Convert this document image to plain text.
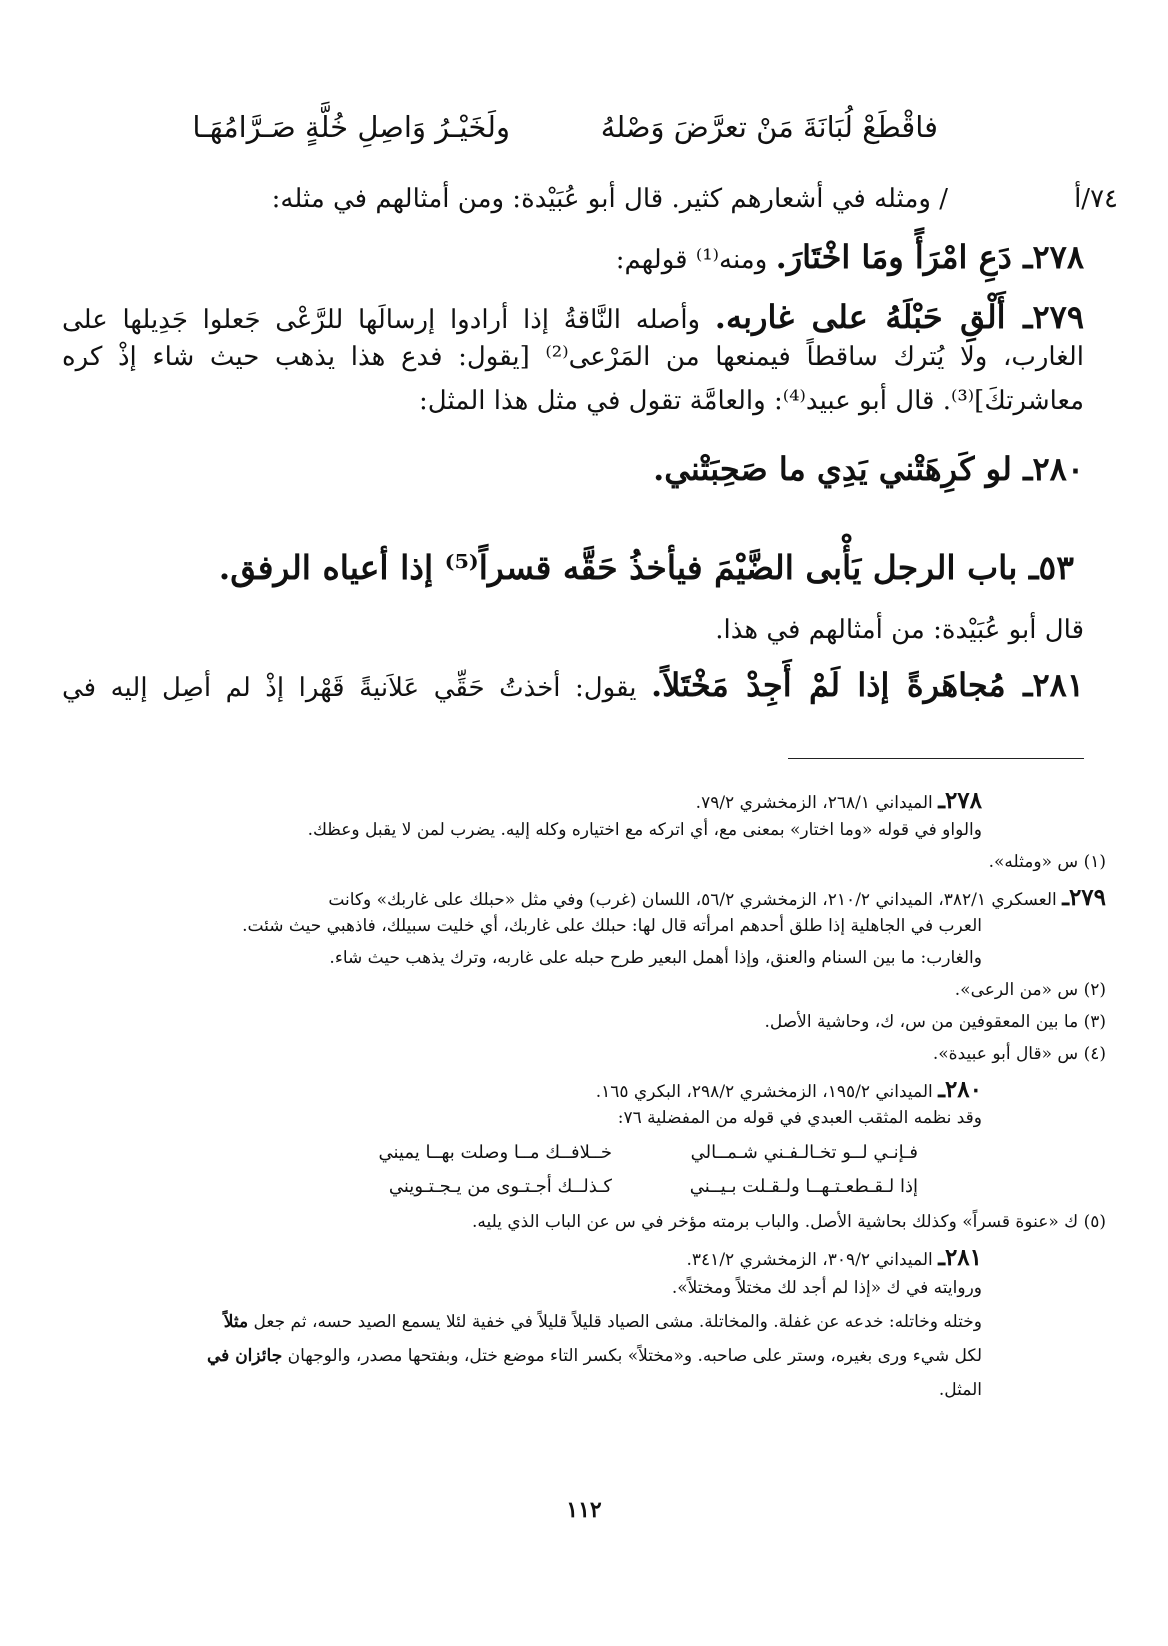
فاقْطَعْ لُبَانَةَ مَنْ تعرَّضَ وَصْلهُ
ولَخَيْـرُ وَاصِلِ خُلَّةٍ صَـرَّامُهَـا
٧٤/أ
/ ومثله في أشعارهم كثير. قال أبو عُبَيْدة: ومن أمثالهم في مثله:
٢٧٨ـ دَعِ امْرَأً ومَا اخْتَارَ. ومنه⁽¹⁾ قولهم:
٢٧٩ـ أَلْقِ حَبْلَهُ على غاربه. وأصله النَّاقةُ إذا أرادوا إرسالَها للرَّعْى جَعلوا جَدِيلها على
الغارب، ولا يُترك ساقطاً فيمنعها من المَرْعى⁽²⁾ [يقول: فدع هذا يذهب حيث شاء إذْ كره
معاشرتكَ]⁽³⁾. قال أبو عبيد⁽⁴⁾: والعامَّة تقول في مثل هذا المثل:
٢٨٠ـ لو كَرِهَتْني يَدِي ما صَحِبَتْني.
٥٣ـ باب الرجل يَأْبى الضَّيْمَ فيأخذُ حَقَّه قسراً⁽⁵⁾ إذا أعياه الرفق.
قال أبو عُبَيْدة: من أمثالهم في هذا.
٢٨١ـ مُجاهَرةً إذا لَمْ أَجِدْ مَخْتَلاً. يقول: أخذتُ حَقِّي عَلاَنيةً قَهْرا إذْ لم أصِل إليه في
٢٧٨ـ الميداني ٢٦٨/١، الزمخشري ٧٩/٢.
والواو في قوله «وما اختار» بمعنى مع، أي اتركه مع اختياره وكله إليه. يضرب لمن لا يقبل وعظك.
(١) س «ومثله».
٢٧٩ـ العسكري ٣٨٢/١، الميداني ٢١٠/٢، الزمخشري ٥٦/٢، اللسان (غرب) وفي مثل «حبلك على غاربك» وكانت
العرب في الجاهلية إذا طلق أحدهم امرأته قال لها: حبلك على غاربك، أي خليت سبيلك، فاذهبي حيث شئت.
والغارب: ما بين السنام والعنق، وإذا أهمل البعير طرح حبله على غاربه، وترك يذهب حيث شاء.
(٢) س «من الرعى».
(٣) ما بين المعقوفين من س، ك، وحاشية الأصل.
(٤) س «قال أبو عبيدة».
٢٨٠ـ الميداني ١٩٥/٢، الزمخشري ٢٩٨/٢، البكري ١٦٥.
وقد نظمه المثقب العبدي في قوله من المفضلية ٧٦:
فـإنـي لــو تخـالـفـني شـمــالي
خــلافــك مــا وصلت بهــا يميني
إذا لـقـطعـتـهــا ولـقـلت بـيــني
كـذلــك أجـتـوى من يـجـتـويني
(٥) ك «عنوة قسراً» وكذلك بحاشية الأصل. والباب برمته مؤخر في س عن الباب الذي يليه.
٢٨١ـ الميداني ٣٠٩/٢، الزمخشري ٣٤١/٢.
وروايته في ك «إذا لم أجد لك مختلاً ومختلاً».
وختله وخاتله: خدعه عن غفلة. والمخاتلة. مشى الصياد قليلاً قليلاً في خفية لئلا يسمع الصيد حسه، ثم جعل مثلاً
لكل شيء ورى بغيره، وستر على صاحبه. و«مختلاً» بكسر التاء موضع ختل، وبفتحها مصدر، والوجهان جائزان في
المثل.
١١٢
